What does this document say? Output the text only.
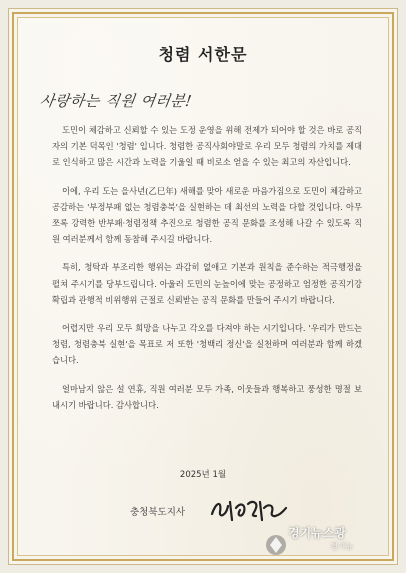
청렴 서한문
사랑하는 직원 여러분!

도민이 체감하고 신뢰할 수 있는 도정 운영을 위해 전제가 되어야 할 것은 바로 공직자의 기본 덕목인 '청렴' 입니다. 청렴한 공직사회야말로 우리 모두 청렴의 가치를 제대로 인식하고 많은 시간과 노력을 기울일 때 비로소 얻을 수 있는 최고의 자산입니다.

이에, 우리 도는 을사년(乙巳年) 새해를 맞아 새로운 마음가짐으로 도민이 체감하고 공감하는 '부정부패 없는 청렴충북'을 실현하는 데 최선의 노력을 다할 것입니다. 아무쪼록 강력한 반부패·청렴정책 추진으로 청렴한 공직 문화를 조성해 나갈 수 있도록 직원 여러분께서 함께 동참해 주시길 바랍니다.

특히, 청탁과 부조리한 행위는 과감히 없애고 기본과 원칙을 준수하는 적극행정을 펼쳐 주시기를 당부드립니다. 아울러 도민의 눈높이에 맞는 공정하고 엄정한 공직기강 확립과 관행적 비위행위 근절로 신뢰받는 공직 문화를 만들어 주시기 바랍니다.

어렵지만 우리 모두 희망을 나누고 각오를 다져야 하는 시기입니다. '우리가 만드는 청렴, 청렴충북 실현'을 목표로 저 또한 '청백리 정신'을 실천하며 여러분과 함께 하겠습니다.

얼마남지 않은 설 연휴, 직원 여러분 모두 가족, 이웃들과 행복하고 풍성한 명절 보내시기 바랍니다. 감사합니다.

2025년 1월
충청북도지사
경기뉴스광
경기뉴
